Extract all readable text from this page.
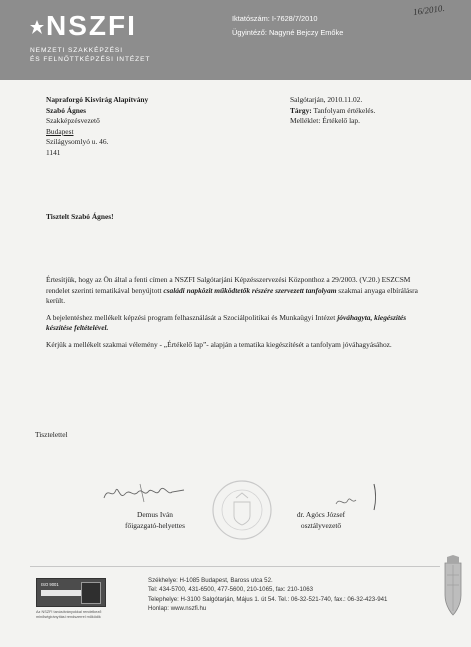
NSZFI
NEMZETI SZAKKÉPZÉSI
ÉS FELNŐTTKÉPZÉSI INTÉZET
Iktatószám: I-7628/7/2010
Ügyintéző: Nagyné Bejczy Emőke
16/2010.
Napraforgó Kisvirág Alapítvány
Szabó Ágnes
Szakképzésvezető
Budapest
Szilágysomlyó u. 46.
1141
Salgótarján, 2010.11.02.
Tárgy: Tanfolyam értékelés.
Melléklet: Értékelő lap.
Tisztelt Szabó Ágnes!

Értesítjük, hogy az Ön által a fenti címen a NSZFI Salgótarjáni Képzésszervezési Központhoz a 29/2003. (V.20.) ESZCSM rendelet szerinti tematikával benyújtott családi napközit működtetők részére szervezett tanfolyam szakmai anyaga elbírálásra került.

A bejelentéshez mellékelt képzési program felhasználását a Szociálpolitikai és Munkaügyi Intézet jóváhagyta, kiegészítés készítése feltételével.

Kérjük a mellékelt szakmai vélemény - „Értékelő lap”- alapján a tematika kiegészítését a tanfolyam jóváhagyásához.

Tisztelettel
Demus Iván
főigazgató-helyettes
dr. Agócs József
osztályvezető
ISO 9001
Az NSZFI tanúsítványokkal rendelkező minőségirányítási rendszerrel működik
Székhelye: H-1085 Budapest, Baross utca 52.
Tel: 434-5700, 431-6500, 477-5600, 210-1065, fax: 210-1063
Telephelye: H-3100 Salgótarján, Május 1. út 54. Tel.: 06-32-521-740, fax.: 06-32-423-941
Honlap: www.nszfi.hu
